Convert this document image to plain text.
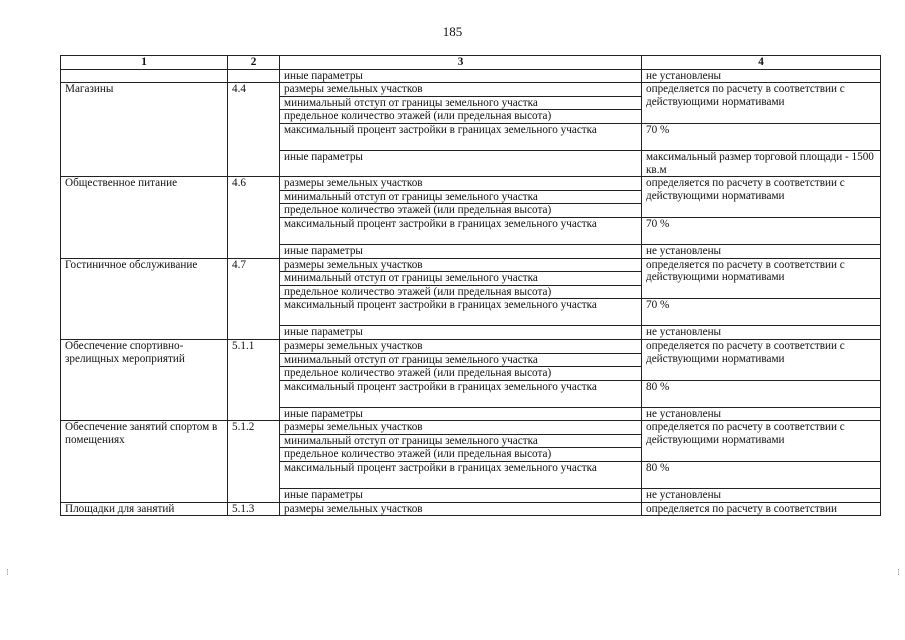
185
1	2	3	4
		иные параметры	не установлены
Магазины	4.4	размеры земельных участков	определяется по расчету в соответствии с действующими нормативами
		минимальный отступ от границы земельного участка	
		предельное количество этажей (или предельная высота)	
		максимальный процент застройки в границах земельного участка	70 %
		иные параметры	максимальный размер торговой площади - 1500 кв.м
Общественное питание	4.6	размеры земельных участков	определяется по расчету в соответствии с действующими нормативами
		минимальный отступ от границы земельного участка	
		предельное количество этажей (или предельная высота)	
		максимальный процент застройки в границах земельного участка	70 %
		иные параметры	не установлены
Гостиничное обслуживание	4.7	размеры земельных участков	определяется по расчету в соответствии с действующими нормативами
		минимальный отступ от границы земельного участка	
		предельное количество этажей (или предельная высота)	
		максимальный процент застройки в границах земельного участка	70 %
		иные параметры	не установлены
Обеспечение спортивно-зрелищных мероприятий	5.1.1	размеры земельных участков	определяется по расчету в соответствии с действующими нормативами
		минимальный отступ от границы земельного участка	
		предельное количество этажей (или предельная высота)	
		максимальный процент застройки в границах земельного участка	80 %
		иные параметры	не установлены
Обеспечение занятий спортом в помещениях	5.1.2	размеры земельных участков	определяется по расчету в соответствии с действующими нормативами
		минимальный отступ от границы земельного участка	
		предельное количество этажей (или предельная высота)	
		максимальный процент застройки в границах земельного участка	80 %
		иные параметры	не установлены
Площадки для занятий	5.1.3	размеры земельных участков	определяется по расчету в соответствии
⁝	⁝
